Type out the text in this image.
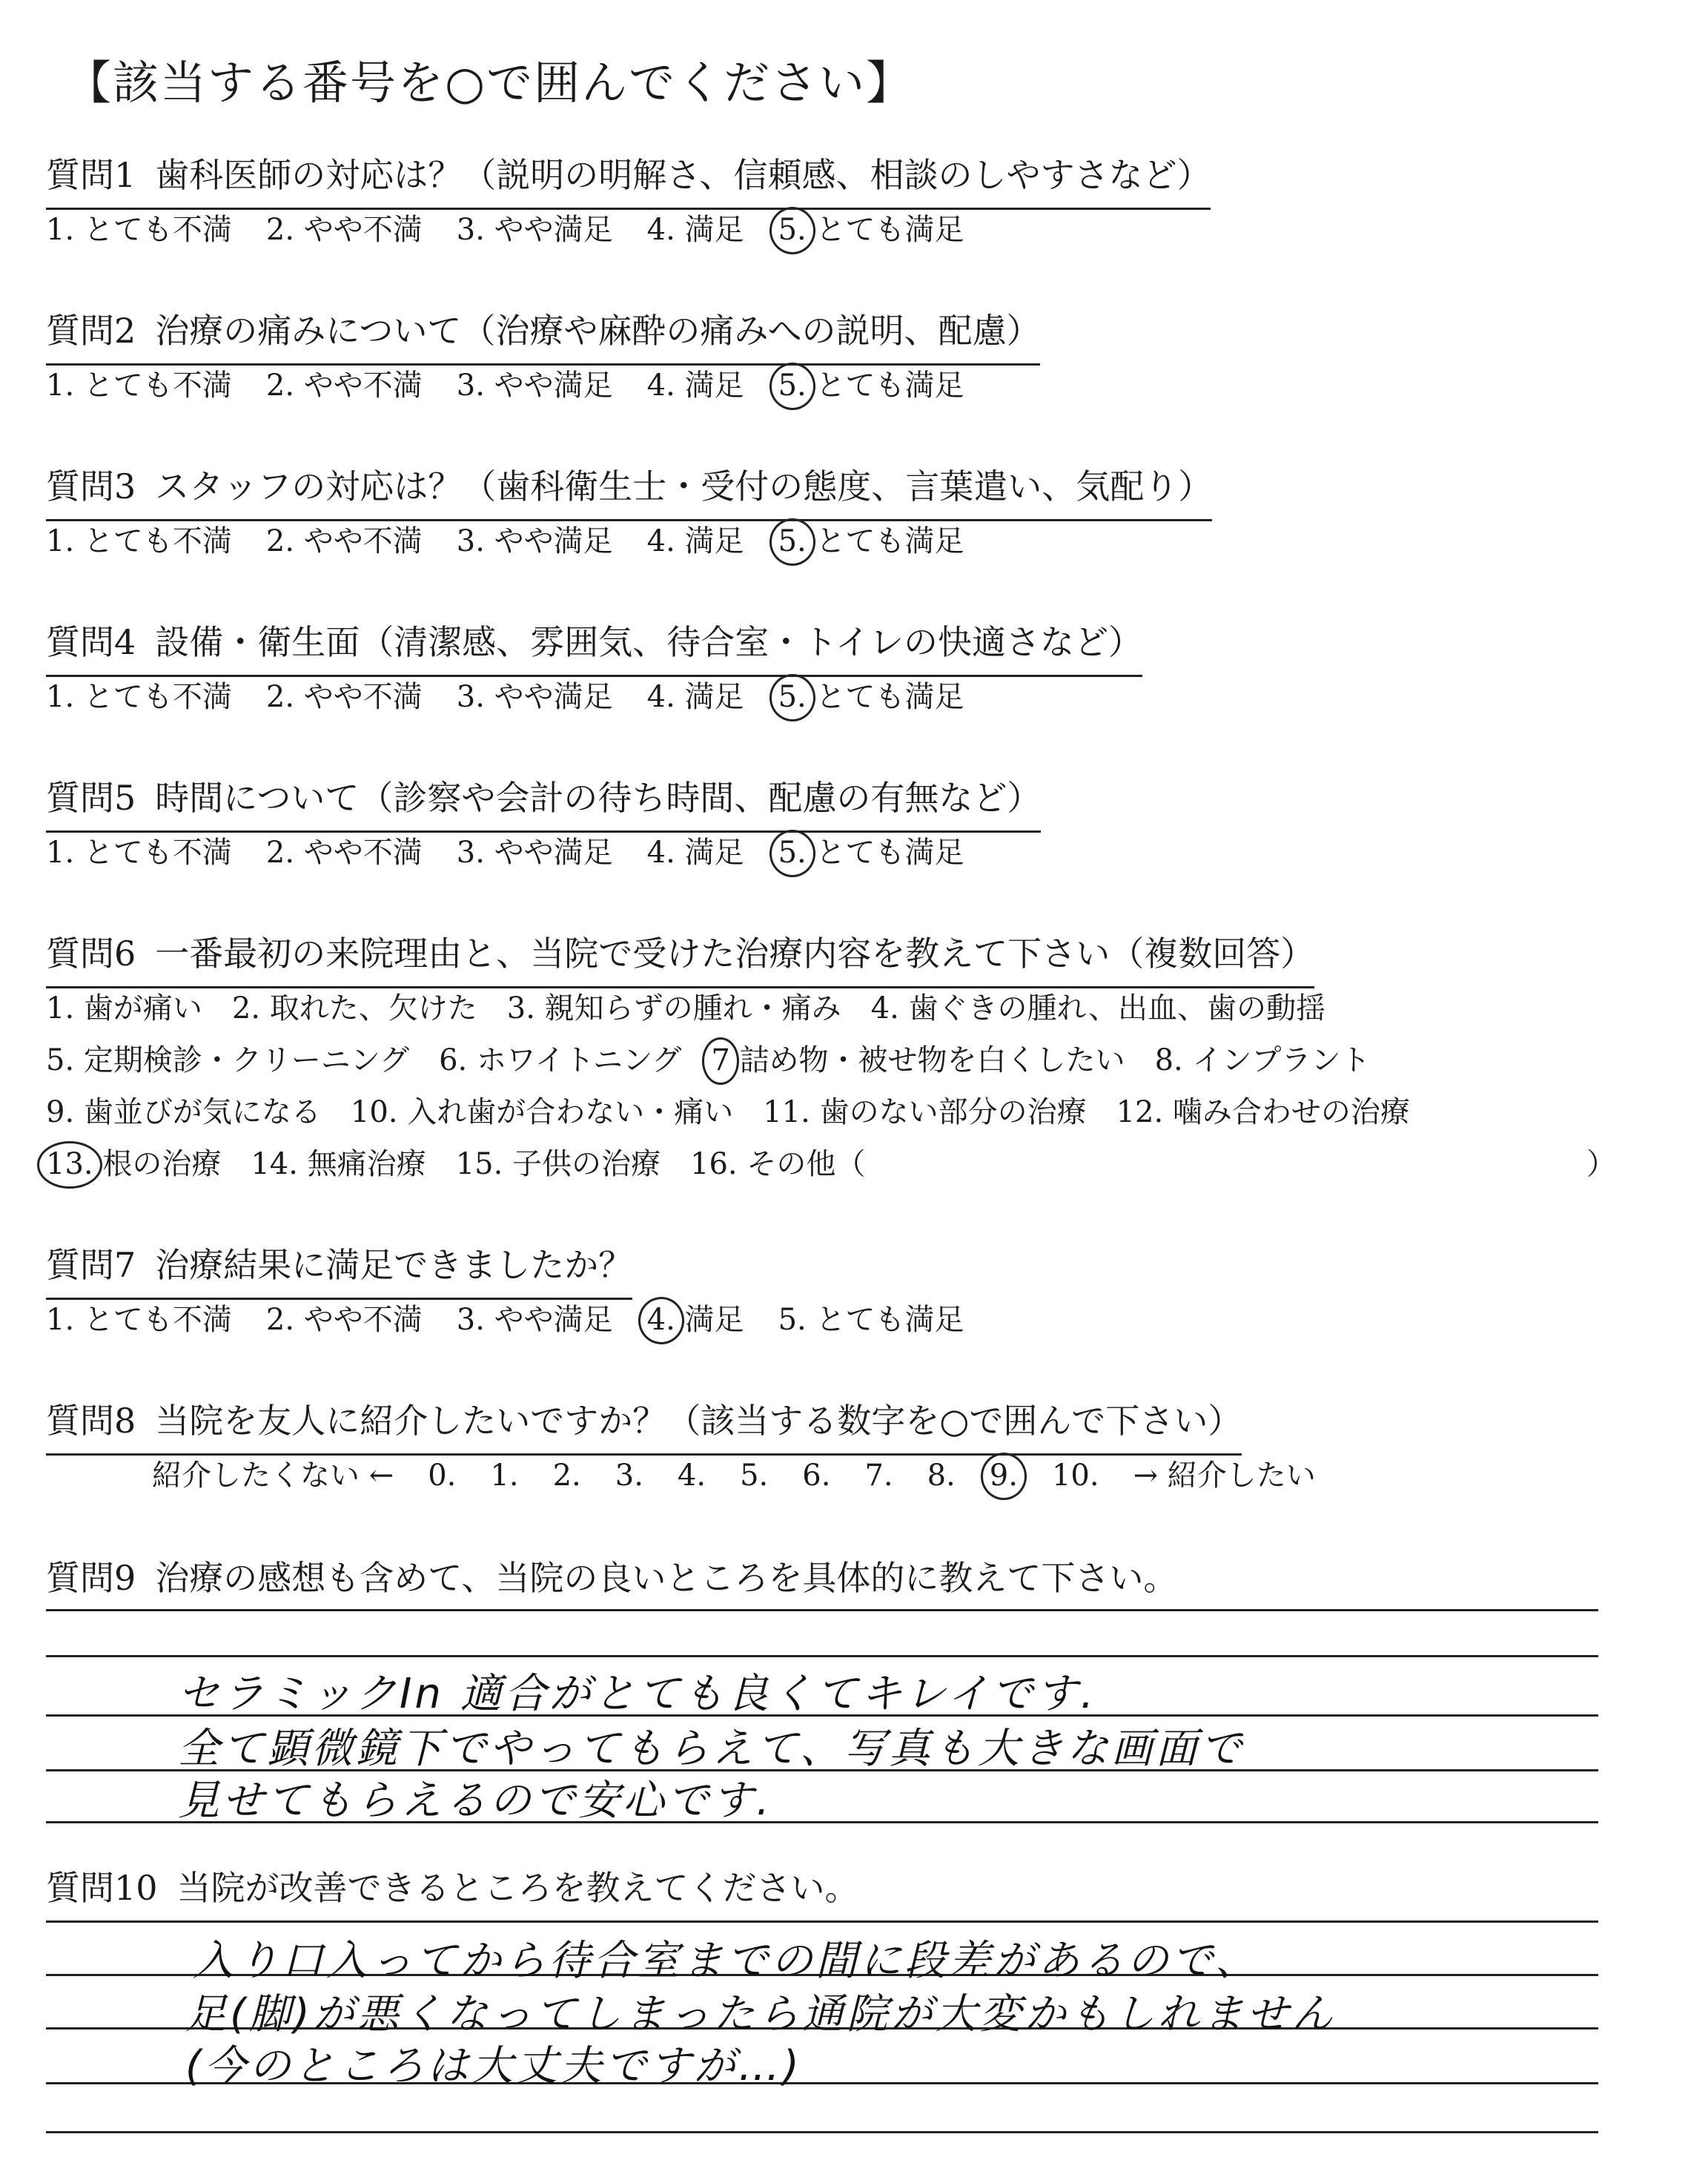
【該当する番号を○で囲んでください】
質問1 歯科医師の対応は？（説明の明解さ、信頼感、相談のしやすさなど）
1. とても不満 2. やや不満 3. やや満足 4. 満足 5. とても満足
質問2 治療の痛みについて（治療や麻酔の痛みへの説明、配慮）
1. とても不満 2. やや不満 3. やや満足 4. 満足 5. とても満足
質問3 スタッフの対応は？（歯科衛生士・受付の態度、言葉遣い、気配り）
1. とても不満 2. やや不満 3. やや満足 4. 満足 5. とても満足
質問4 設備・衛生面（清潔感、雰囲気、待合室・トイレの快適さなど）
1. とても不満 2. やや不満 3. やや満足 4. 満足 5. とても満足
質問5 時間について（診察や会計の待ち時間、配慮の有無など）
1. とても不満 2. やや不満 3. やや満足 4. 満足 5. とても満足
質問6 一番最初の来院理由と、当院で受けた治療内容を教えて下さい（複数回答）
1. 歯が痛い 2. 取れた、欠けた 3. 親知らずの腫れ・痛み 4. 歯ぐきの腫れ、出血、歯の動揺
5. 定期検診・クリーニング 6. ホワイトニング 7 詰め物・被せ物を白くしたい 8. インプラント
9. 歯並びが気になる 10. 入れ歯が合わない・痛い 11. 歯のない部分の治療 12. 噛み合わせの治療
13. 根の治療 14. 無痛治療 15. 子供の治療 16. その他（	）
質問7 治療結果に満足できましたか？
1. とても不満 2. やや不満 3. やや満足 4. 満足 5. とても満足
質問8 当院を友人に紹介したいですか？（該当する数字を○で囲んで下さい）
紹介したくない ← 0. 1. 2. 3. 4. 5. 6. 7. 8. 9. 10. → 紹介したい
質問9 治療の感想も含めて、当院の良いところを具体的に教えて下さい。
セラミックIn 適合がとても良くてキレイです.
全て顕微鏡下でやってもらえて、写真も大きな画面で
見せてもらえるので安心です.
質問10 当院が改善できるところを教えてください。
入り口入ってから待合室までの間に段差があるので、
足(脚)が悪くなってしまったら通院が大変かもしれません
(今のところは大丈夫ですが…)
